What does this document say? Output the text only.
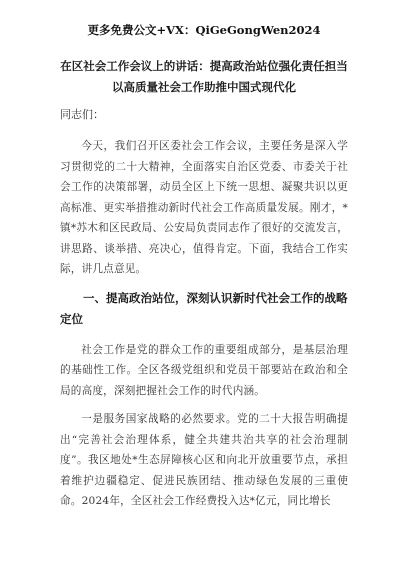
更多免费公文+VX：QiGeGongWen2024
在区社会工作会议上的讲话：提高政治站位强化责任担当以高质量社会工作助推中国式现代化
同志们：
今天，我们召开区委社会工作会议，主要任务是深入学习贯彻党的二十大精神，全面落实自治区党委、市委关于社会工作的决策部署，动员全区上下统一思想、凝聚共识以更高标准、更实举措推动新时代社会工作高质量发展。刚才，*镇*苏木和区民政局、公安局负责同志作了很好的交流发言，讲思路、谈举措、亮决心，值得肯定。下面，我结合工作实际，讲几点意见。
一、提高政治站位，深刻认识新时代社会工作的战略定位
社会工作是党的群众工作的重要组成部分，是基层治理的基础性工作。全区各级党组织和党员干部要站在政治和全局的高度，深刻把握社会工作的时代内涵。
一是服务国家战略的必然要求。党的二十大报告明确提出“完善社会治理体系，健全共建共治共享的社会治理制度”。我区地处*生态屏障核心区和向北开放重要节点，承担着维护边疆稳定、促进民族团结、推动绿色发展的三重使命。2024年，全区社会工作经费投入达*亿元，同比增长
